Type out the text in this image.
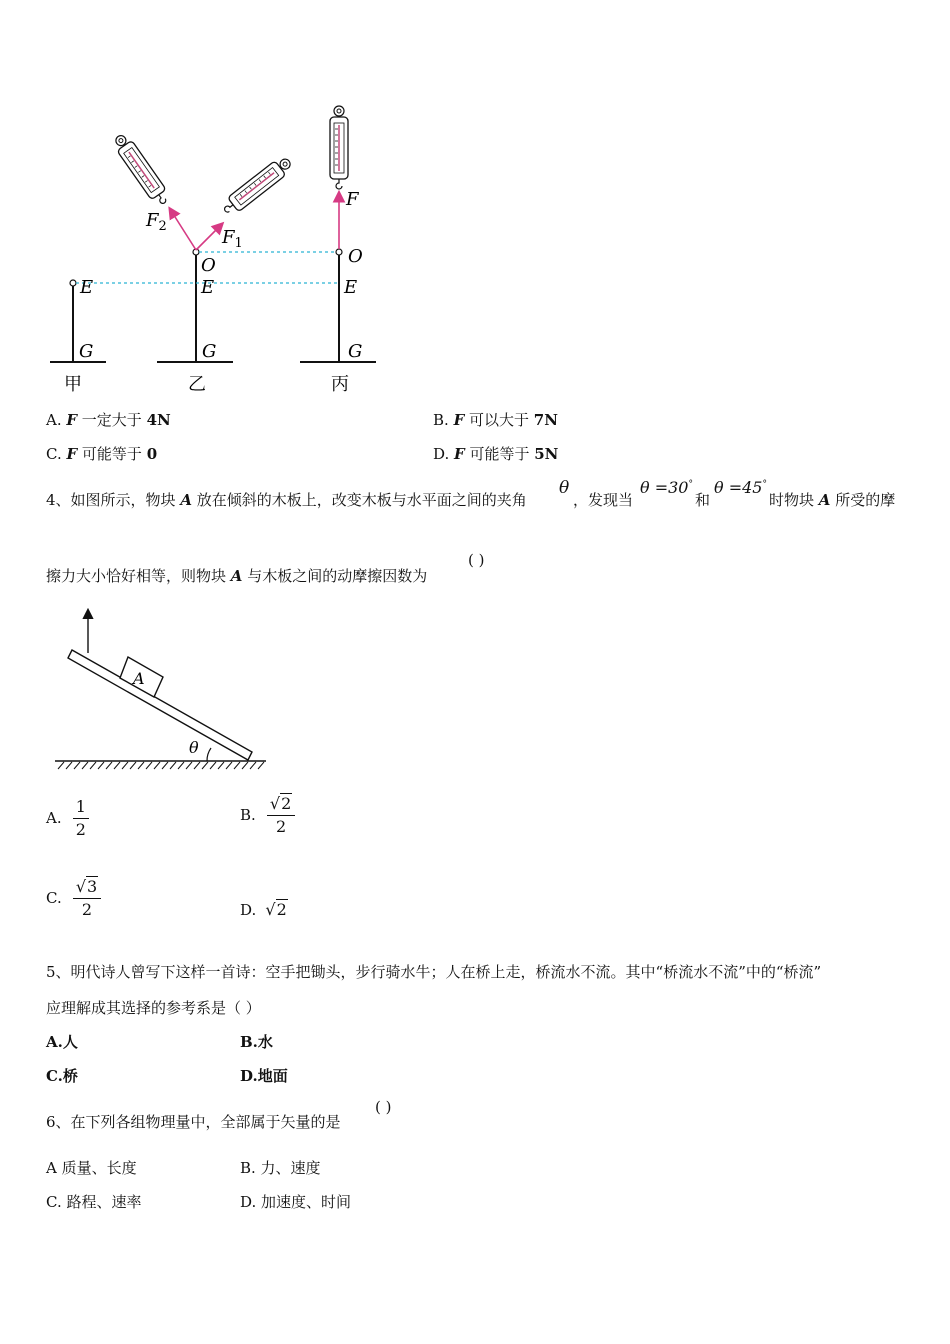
$F_2$
$F_1$
F
O	O
E	E	E
G	G	G
甲	乙	丙
A. F 一定大于 4N	B. F 可以大于 7N
C. F 可能等于 0	D. F 可能等于 5N
4、如图所示，物块 A 放在倾斜的木板上，改变木板与水平面之间的夹角
θ
，发现当
θ =30°
和
θ =45°
时物块 A 所受的摩
擦力大小恰好相等，则物块 A 与木板之间的动摩擦因数为
( )
A
θ
A. $\frac{1}{2}$	B. $\frac{√2}{2}$
C. $\frac{√3}{2}$	D. √2
5、明代诗人曾写下这样一首诗：空手把锄头，步行骑水牛；人在桥上走，桥流水不流。其中“桥流水不流”中的“桥流”
应理解成其选择的参考系是（ ）
A.人	B.水
C.桥	D.地面
6、在下列各组物理量中，全部属于矢量的是
( )
A 质量、长度	B. 力、速度
C. 路程、速率	D. 加速度、时间
